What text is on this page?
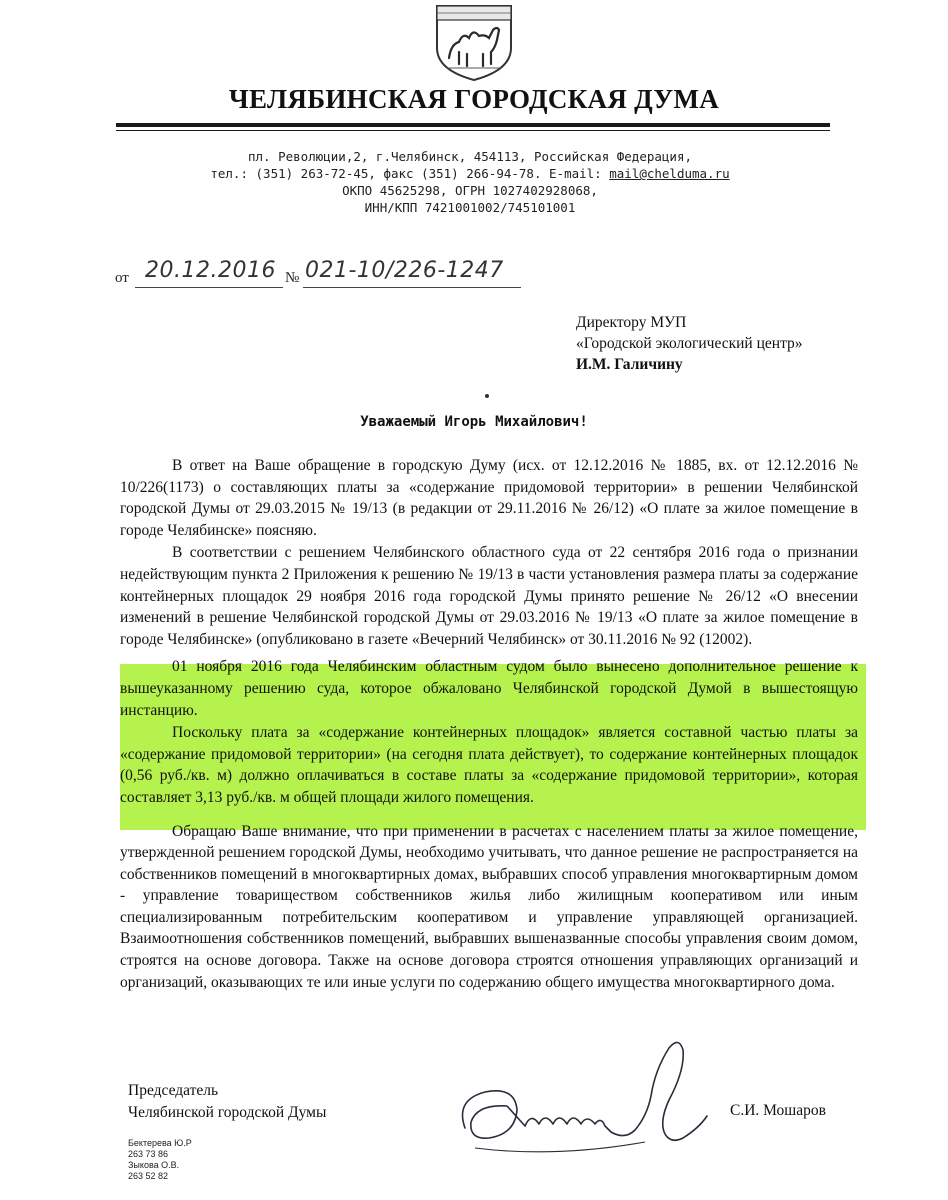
ЧЕЛЯБИНСКАЯ ГОРОДСКАЯ ДУМА
пл. Революции,2, г.Челябинск, 454113, Российская Федерация,
тел.: (351) 263-72-45, факс (351) 266-94-78. E-mail: mail@chelduma.ru
ОКПО 45625298, ОГРН 1027402928068,
ИНН/КПП 7421001002/745101001
от 20.12.2016 № 021-10/226-1247
Директору МУП
«Городской экологический центр»
И.М. Галичину
Уважаемый Игорь Михайлович!

В ответ на Ваше обращение в городскую Думу (исх. от 12.12.2016 № 1885, вх. от 12.12.2016 № 10/226(1173) о составляющих платы за «содержание придомовой территории» в решении Челябинской городской Думы от 29.03.2015 № 19/13 (в редакции от 29.11.2016 № 26/12) «О плате за жилое помещение в городе Челябинске» поясняю.

В соответствии с решением Челябинского областного суда от 22 сентября 2016 года о признании недействующим пункта 2 Приложения к решению № 19/13 в части установления размера платы за содержание контейнерных площадок 29 ноября 2016 года городской Думы принято решение № 26/12 «О внесении изменений в решение Челябинской городской Думы от 29.03.2016 № 19/13 «О плате за жилое помещение в городе Челябинске» (опубликовано в газете «Вечерний Челябинск» от 30.11.2016 № 92 (12002).

01 ноября 2016 года Челябинским областным судом было вынесено дополнительное решение к вышеуказанному решению суда, которое обжаловано Челябинской городской Думой в вышестоящую инстанцию.

Поскольку плата за «содержание контейнерных площадок» является составной частью платы за «содержание придомовой территории» (на сегодня плата действует), то содержание контейнерных площадок (0,56 руб./кв. м) должно оплачиваться в составе платы за «содержание придомовой территории», которая составляет 3,13 руб./кв. м общей площади жилого помещения.

Обращаю Ваше внимание, что при применении в расчетах с населением платы за жилое помещение, утвержденной решением городской Думы, необходимо учитывать, что данное решение не распространяется на собственников помещений в многоквартирных домах, выбравших способ управления многоквартирным домом - управление товариществом собственников жилья либо жилищным кооперативом или иным специализированным потребительским кооперативом и управление управляющей организацией. Взаимоотношения собственников помещений, выбравших вышеназванные способы управления своим домом, строятся на основе договора. Также на основе договора строятся отношения управляющих организаций и организаций, оказывающих те или иные услуги по содержанию общего имущества многоквартирного дома.

Председатель
Челябинской городской Думы	С.И. Мошаров
Бектерева Ю.Р
263 73 86
Зыкова О.В.
263 52 82
